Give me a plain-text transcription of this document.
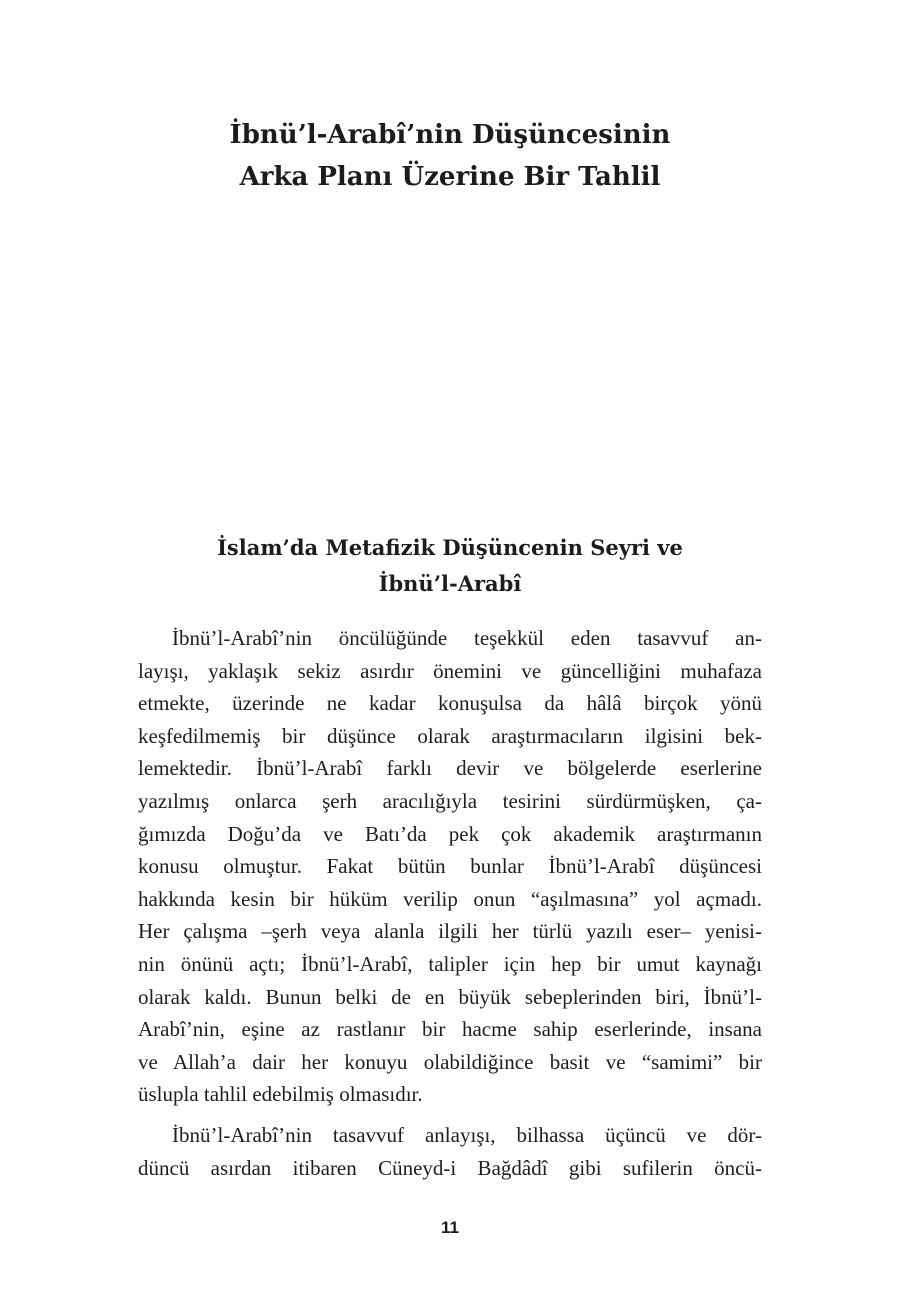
İbnü’l-Arabî’nin Düşüncesinin
Arka Planı Üzerine Bir Tahlil
İslam’da Metafizik Düşüncenin Seyri ve
İbnü’l-Arabî
İbnü’l-Arabî’nin öncülüğünde teşekkül eden tasavvuf an-
layışı, yaklaşık sekiz asırdır önemini ve güncelliğini muhafaza
etmekte, üzerinde ne kadar konuşulsa da hâlâ birçok yönü
keşfedilmemiş bir düşünce olarak araştırmacıların ilgisini bek-
lemektedir. İbnü’l-Arabî farklı devir ve bölgelerde eserlerine
yazılmış onlarca şerh aracılığıyla tesirini sürdürmüşken, ça-
ğımızda Doğu’da ve Batı’da pek çok akademik araştırmanın
konusu olmuştur. Fakat bütün bunlar İbnü’l-Arabî düşüncesi
hakkında kesin bir hüküm verilip onun “aşılmasına” yol açmadı.
Her çalışma –şerh veya alanla ilgili her türlü yazılı eser– yenisi-
nin önünü açtı; İbnü’l-Arabî, talipler için hep bir umut kaynağı
olarak kaldı. Bunun belki de en büyük sebeplerinden biri, İbnü’l-
Arabî’nin, eşine az rastlanır bir hacme sahip eserlerinde, insana
ve Allah’a dair her konuyu olabildiğince basit ve “samimi” bir
üslupla tahlil edebilmiş olmasıdır.
İbnü’l-Arabî’nin tasavvuf anlayışı, bilhassa üçüncü ve dör-
düncü asırdan itibaren Cüneyd-i Bağdâdî gibi sufilerin öncü-
11
